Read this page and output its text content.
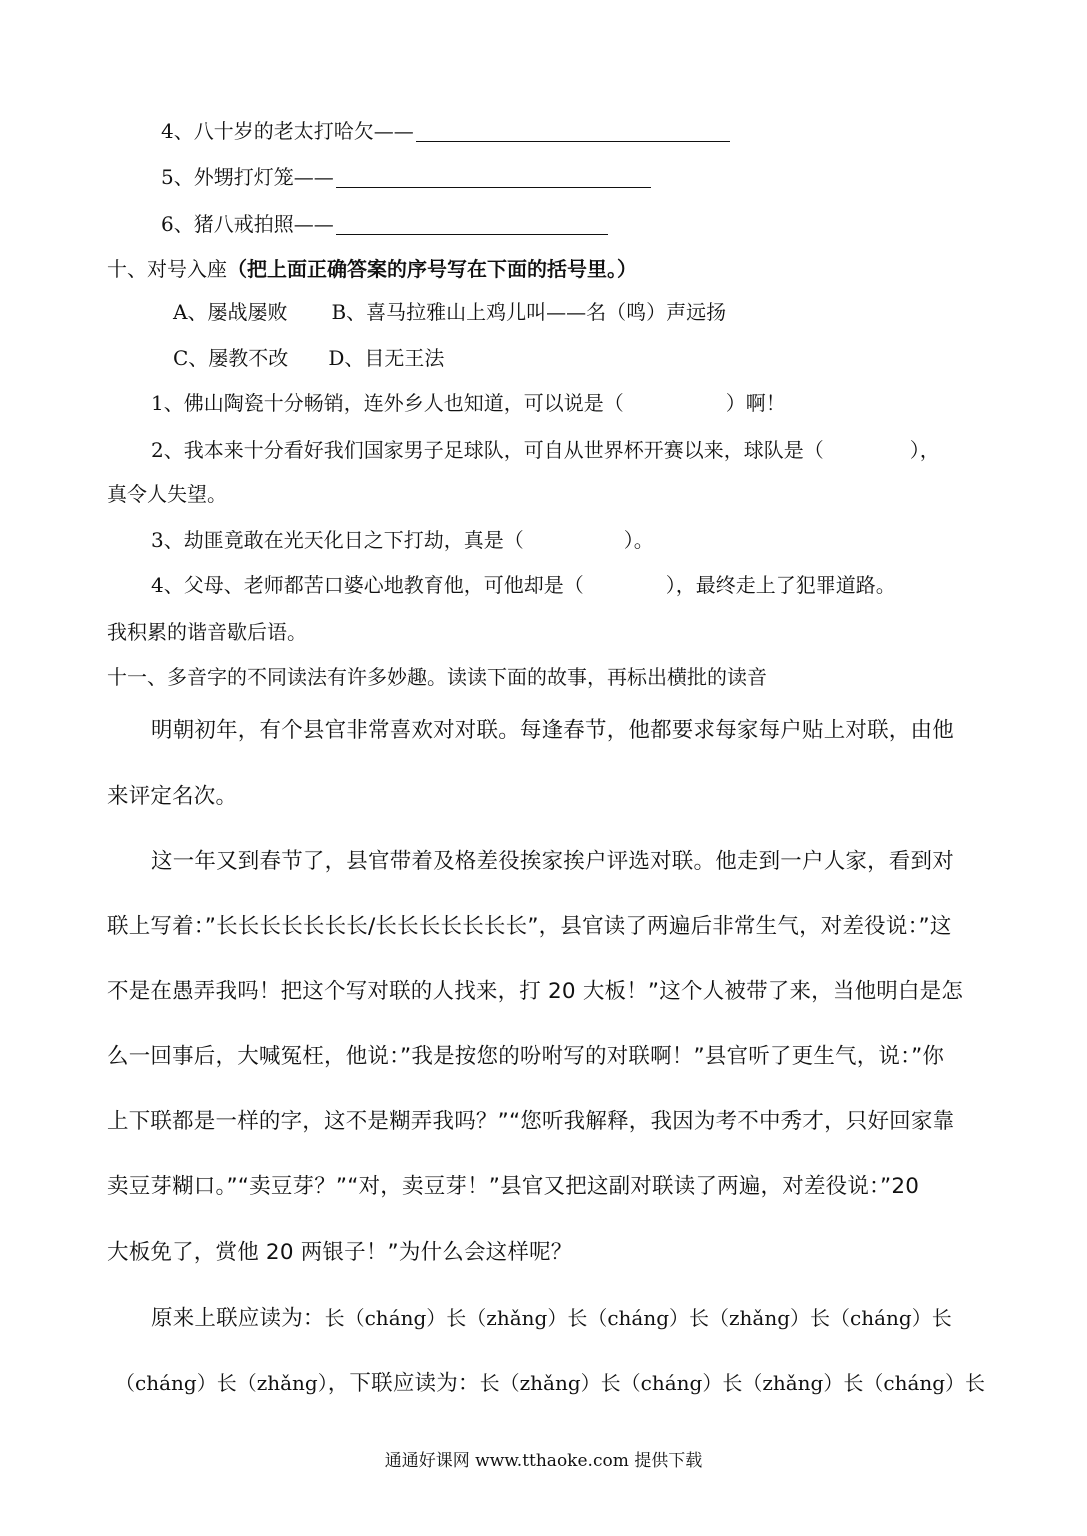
4、八十岁的老太打哈欠——
5、外甥打灯笼——
6、猪八戒拍照——
十、对号入座（把上面正确答案的序号写在下面的括号里。）
A、屡战屡败 B、喜马拉雅山上鸡儿叫——名（鸣）声远扬
C、屡教不改 D、目无王法
1、佛山陶瓷十分畅销，连外乡人也知道，可以说是（	）啊！
2、我本来十分看好我们国家男子足球队，可自从世界杯开赛以来，球队是（	），
真令人失望。
3、劫匪竟敢在光天化日之下打劫，真是（	）。
4、父母、老师都苦口婆心地教育他，可他却是（	），最终走上了犯罪道路。
我积累的谐音歇后语。
十一、多音字的不同读法有许多妙趣。读读下面的故事，再标出横批的读音
明朝初年，有个县官非常喜欢对对联。每逢春节，他都要求每家每户贴上对联，由他
来评定名次。
这一年又到春节了，县官带着及格差役挨家挨户评选对联。他走到一户人家，看到对
联上写着：”长长长长长长长/长长长长长长长”，县官读了两遍后非常生气，对差役说：”这
不是在愚弄我吗！把这个写对联的人找来，打 20 大板！”这个人被带了来，当他明白是怎
么一回事后，大喊冤枉，他说：”我是按您的吩咐写的对联啊！”县官听了更生气，说：”你
上下联都是一样的字，这不是糊弄我吗？”“您听我解释，我因为考不中秀才，只好回家靠
卖豆芽糊口。”“卖豆芽？”“对，卖豆芽！”县官又把这副对联读了两遍，对差役说：”20
大板免了，赏他 20 两银子！”为什么会这样呢？
原来上联应读为：长（cháng）长（zhǎng）长（cháng）长（zhǎng）长（cháng）长
（cháng）长（zhǎng），下联应读为：长（zhǎng）长（cháng）长（zhǎng）长（cháng）长
通通好课网 www.tthaoke.com 提供下载
